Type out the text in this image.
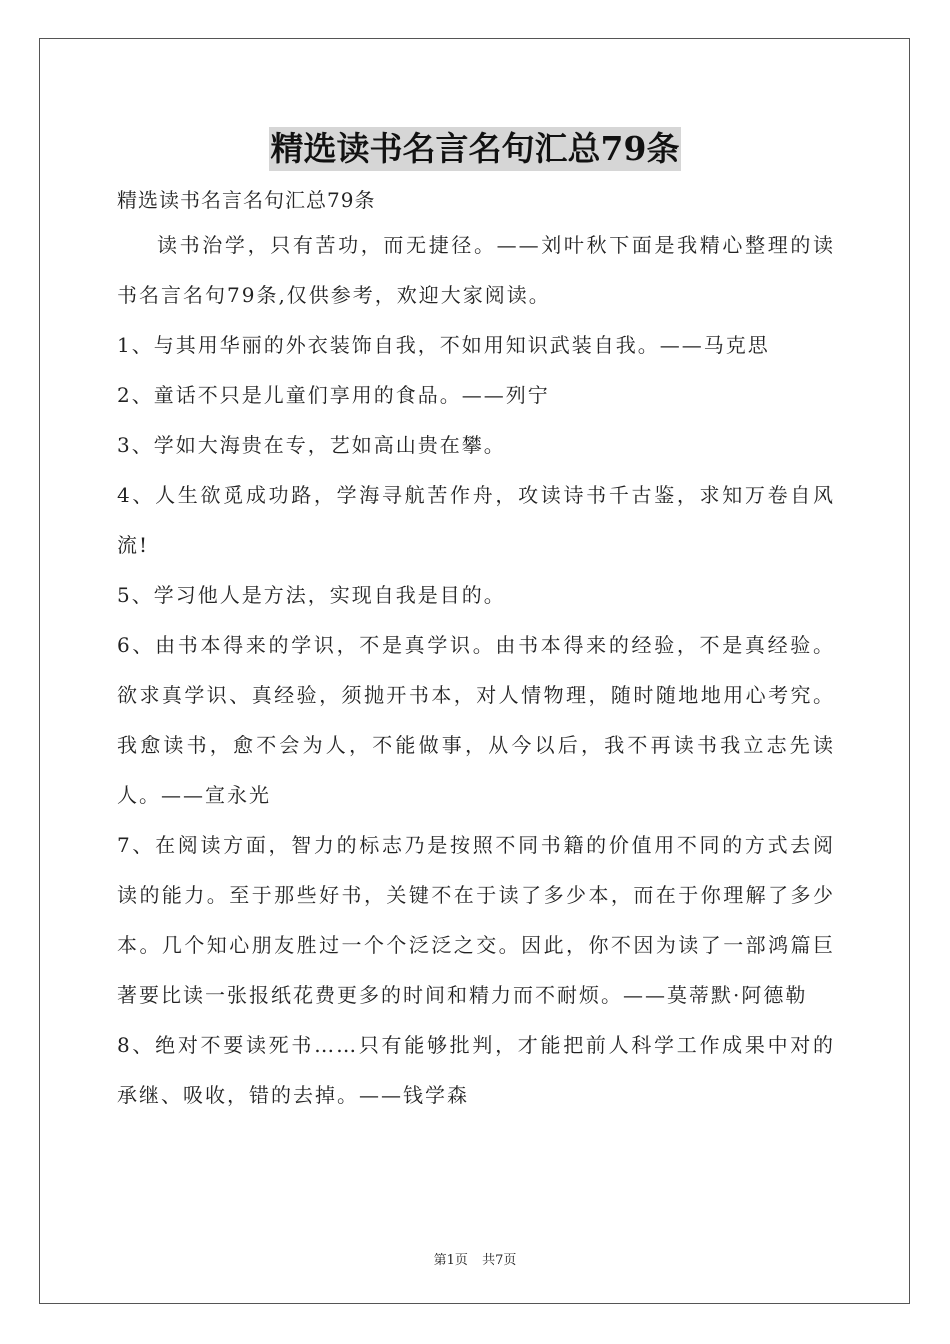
精选读书名言名句汇总79条

精选读书名言名句汇总79条

读书治学，只有苦功，而无捷径。——刘叶秋下面是我精心整理的读书名言名句79条,仅供参考，欢迎大家阅读。

1、与其用华丽的外衣装饰自我，不如用知识武装自我。——马克思

2、童话不只是儿童们享用的食品。——列宁

3、学如大海贵在专，艺如高山贵在攀。

4、人生欲觅成功路，学海寻航苦作舟，攻读诗书千古鉴，求知万卷自风流!

5、学习他人是方法，实现自我是目的。

6、由书本得来的学识，不是真学识。由书本得来的经验，不是真经验。欲求真学识、真经验，须抛开书本，对人情物理，随时随地地用心考究。我愈读书，愈不会为人，不能做事，从今以后，我不再读书我立志先读人。——宣永光

7、在阅读方面，智力的标志乃是按照不同书籍的价值用不同的方式去阅读的能力。至于那些好书，关键不在于读了多少本，而在于你理解了多少本。几个知心朋友胜过一个个泛泛之交。因此，你不因为读了一部鸿篇巨著要比读一张报纸花费更多的时间和精力而不耐烦。——莫蒂默·阿德勒

8、绝对不要读死书……只有能够批判，才能把前人科学工作成果中对的承继、吸收，错的去掉。——钱学森

第1页 共7页
